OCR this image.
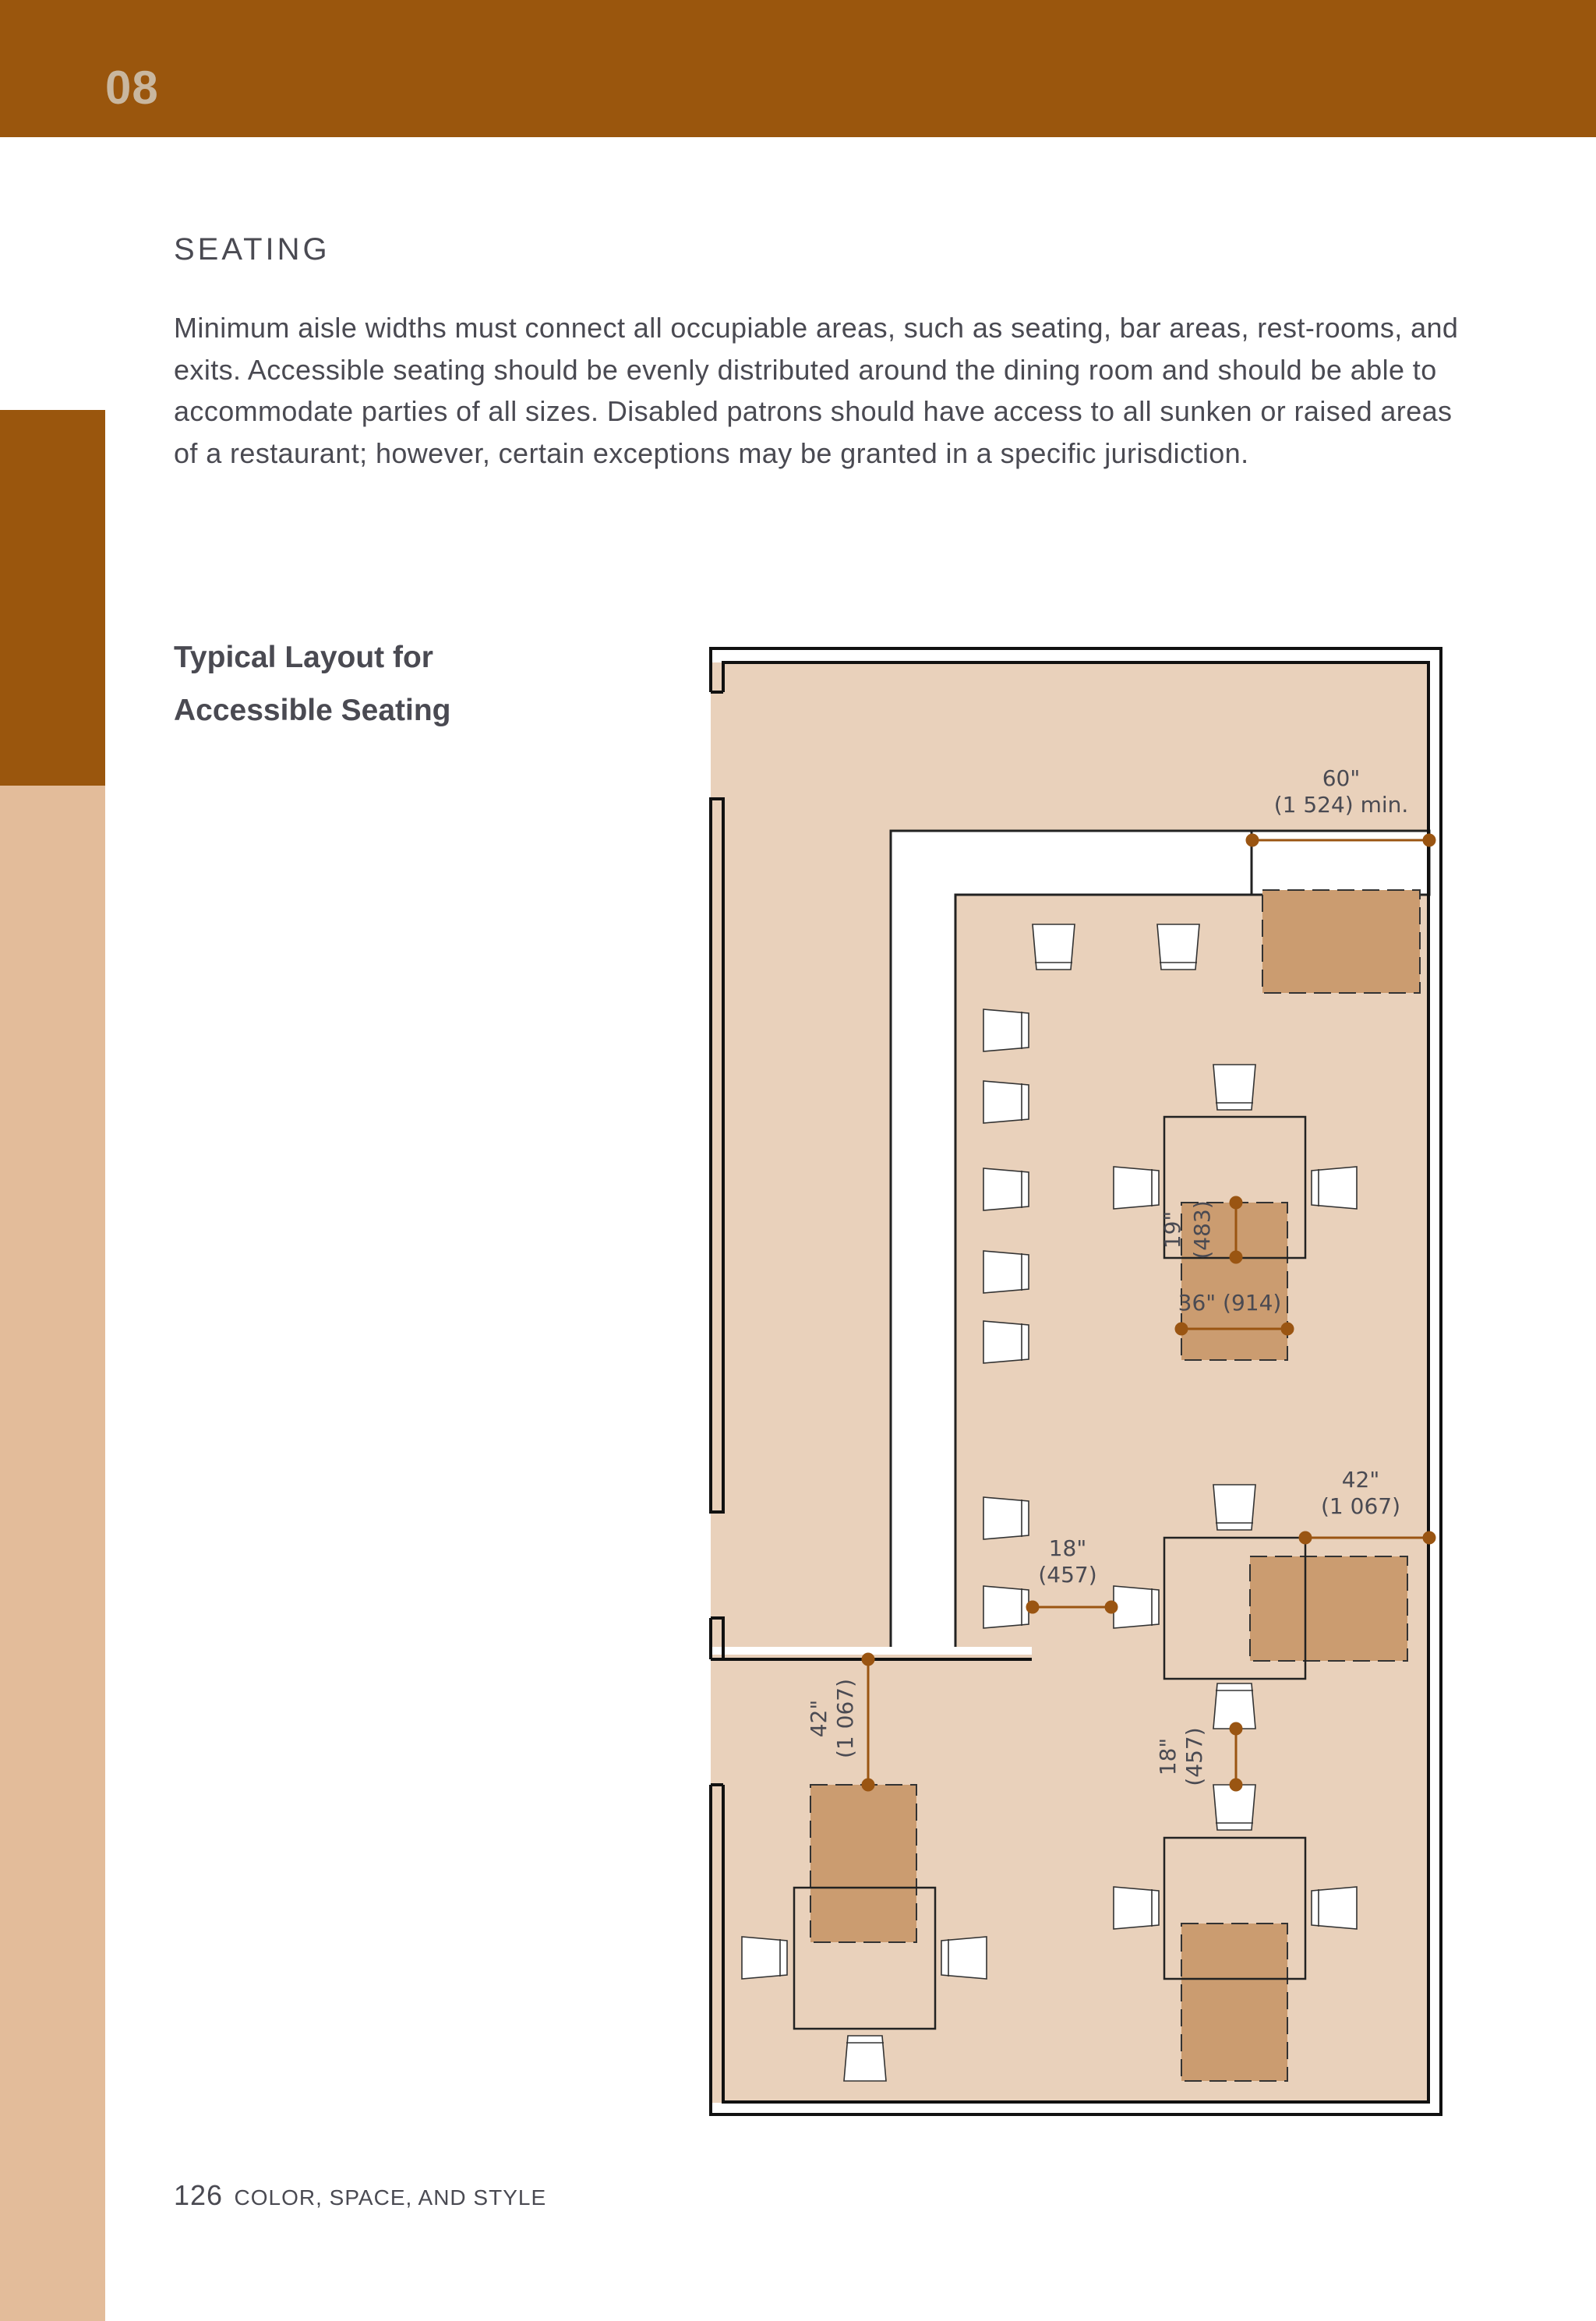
08
SEATING
Minimum aisle widths must connect all occupiable areas, such as seating, bar areas, rest-rooms, and exits. Accessible seating should be evenly distributed around the dining room and should be able to accommodate parties of all sizes. Disabled patrons should have access to all sunken or raised areas of a restaurant; however, certain exceptions may be granted in a specific jurisdiction.
Typical Layout for Accessible Seating
60"
(1 524) min.
19" (483)
36" (914)
42"
(1 067)
18"
(457)
42" (1 067)	18" (457)
126 COLOR, SPACE, AND STYLE
